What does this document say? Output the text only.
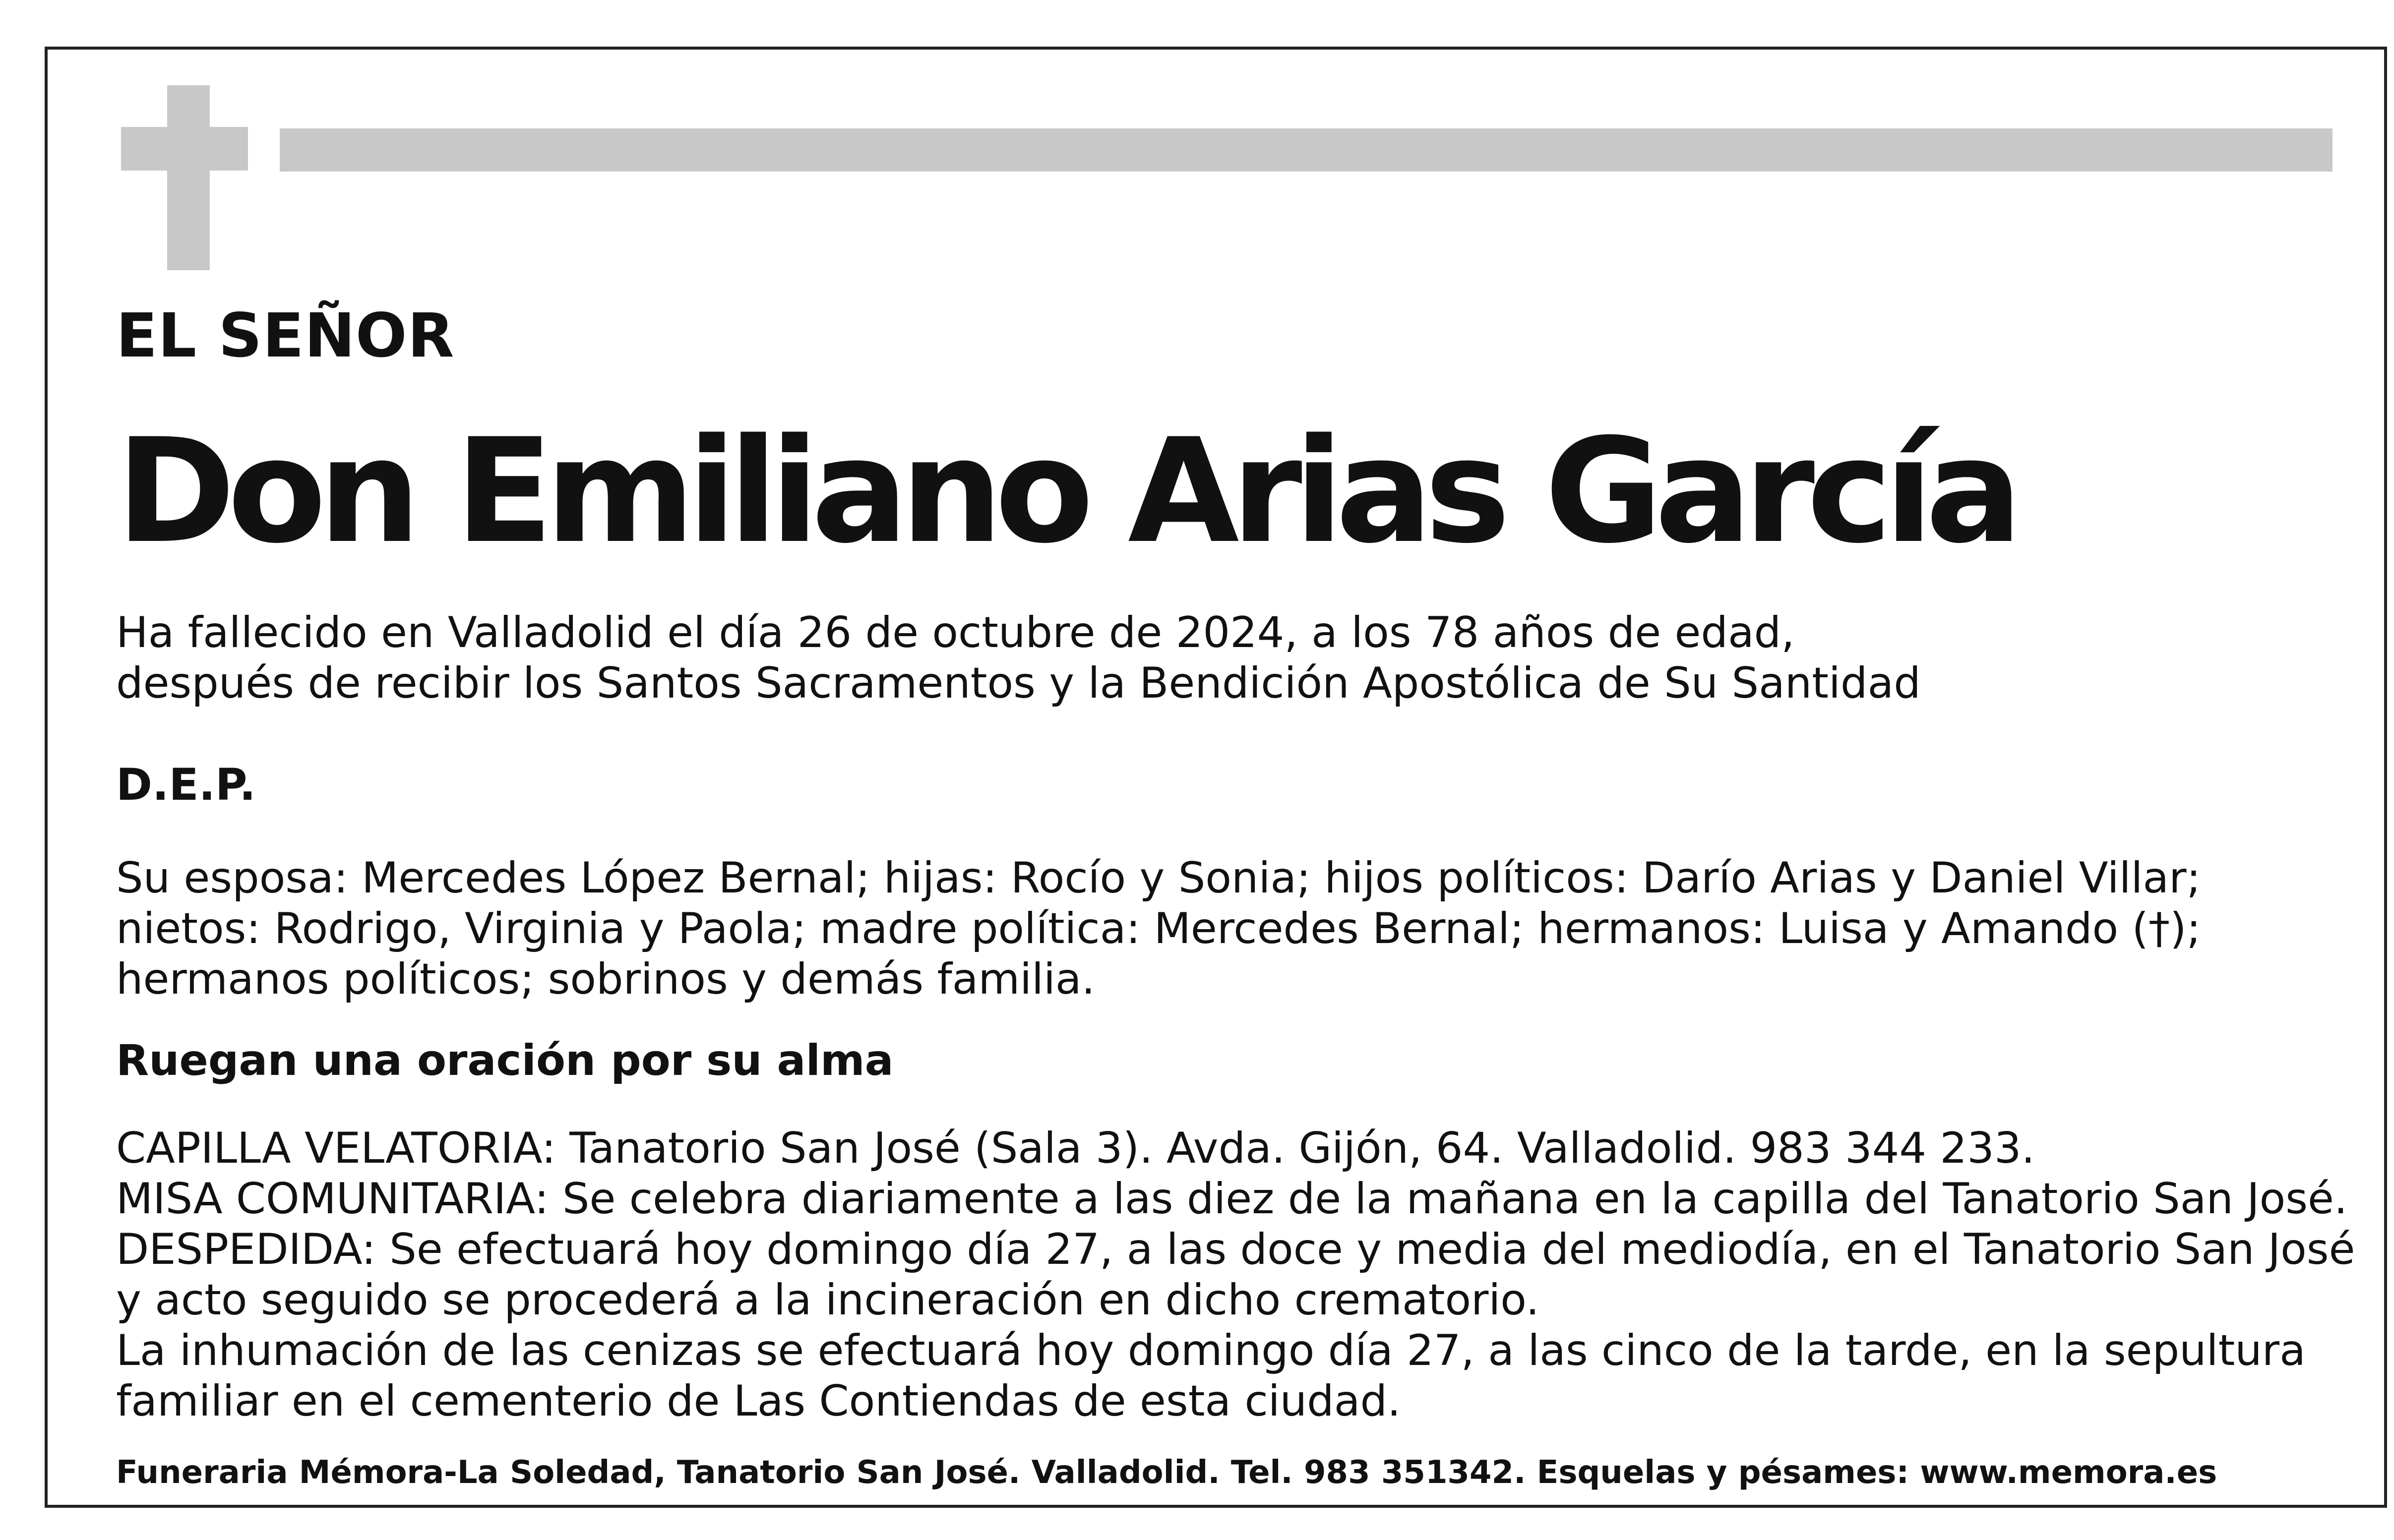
EL SEÑOR
Don Emiliano Arias García
Ha fallecido en Valladolid el día 26 de octubre de 2024, a los 78 años de edad,
después de recibir los Santos Sacramentos y la Bendición Apostólica de Su Santidad
D.E.P.
Su esposa: Mercedes López Bernal; hijas: Rocío y Sonia; hijos políticos: Darío Arias y Daniel Villar;
nietos: Rodrigo, Virginia y Paola; madre política: Mercedes Bernal; hermanos: Luisa y Amando (†);
hermanos políticos; sobrinos y demás familia.
Ruegan una oración por su alma
CAPILLA VELATORIA: Tanatorio San José (Sala 3). Avda. Gijón, 64. Valladolid. 983 344 233.
MISA COMUNITARIA: Se celebra diariamente a las diez de la mañana en la capilla del Tanatorio San José.
DESPEDIDA: Se efectuará hoy domingo día 27, a las doce y media del mediodía, en el Tanatorio San José
y acto seguido se procederá a la incineración en dicho crematorio.
La inhumación de las cenizas se efectuará hoy domingo día 27, a las cinco de la tarde, en la sepultura
familiar en el cementerio de Las Contiendas de esta ciudad.
Funeraria Mémora-La Soledad, Tanatorio San José. Valladolid. Tel. 983 351342. Esquelas y pésames: www.memora.es
